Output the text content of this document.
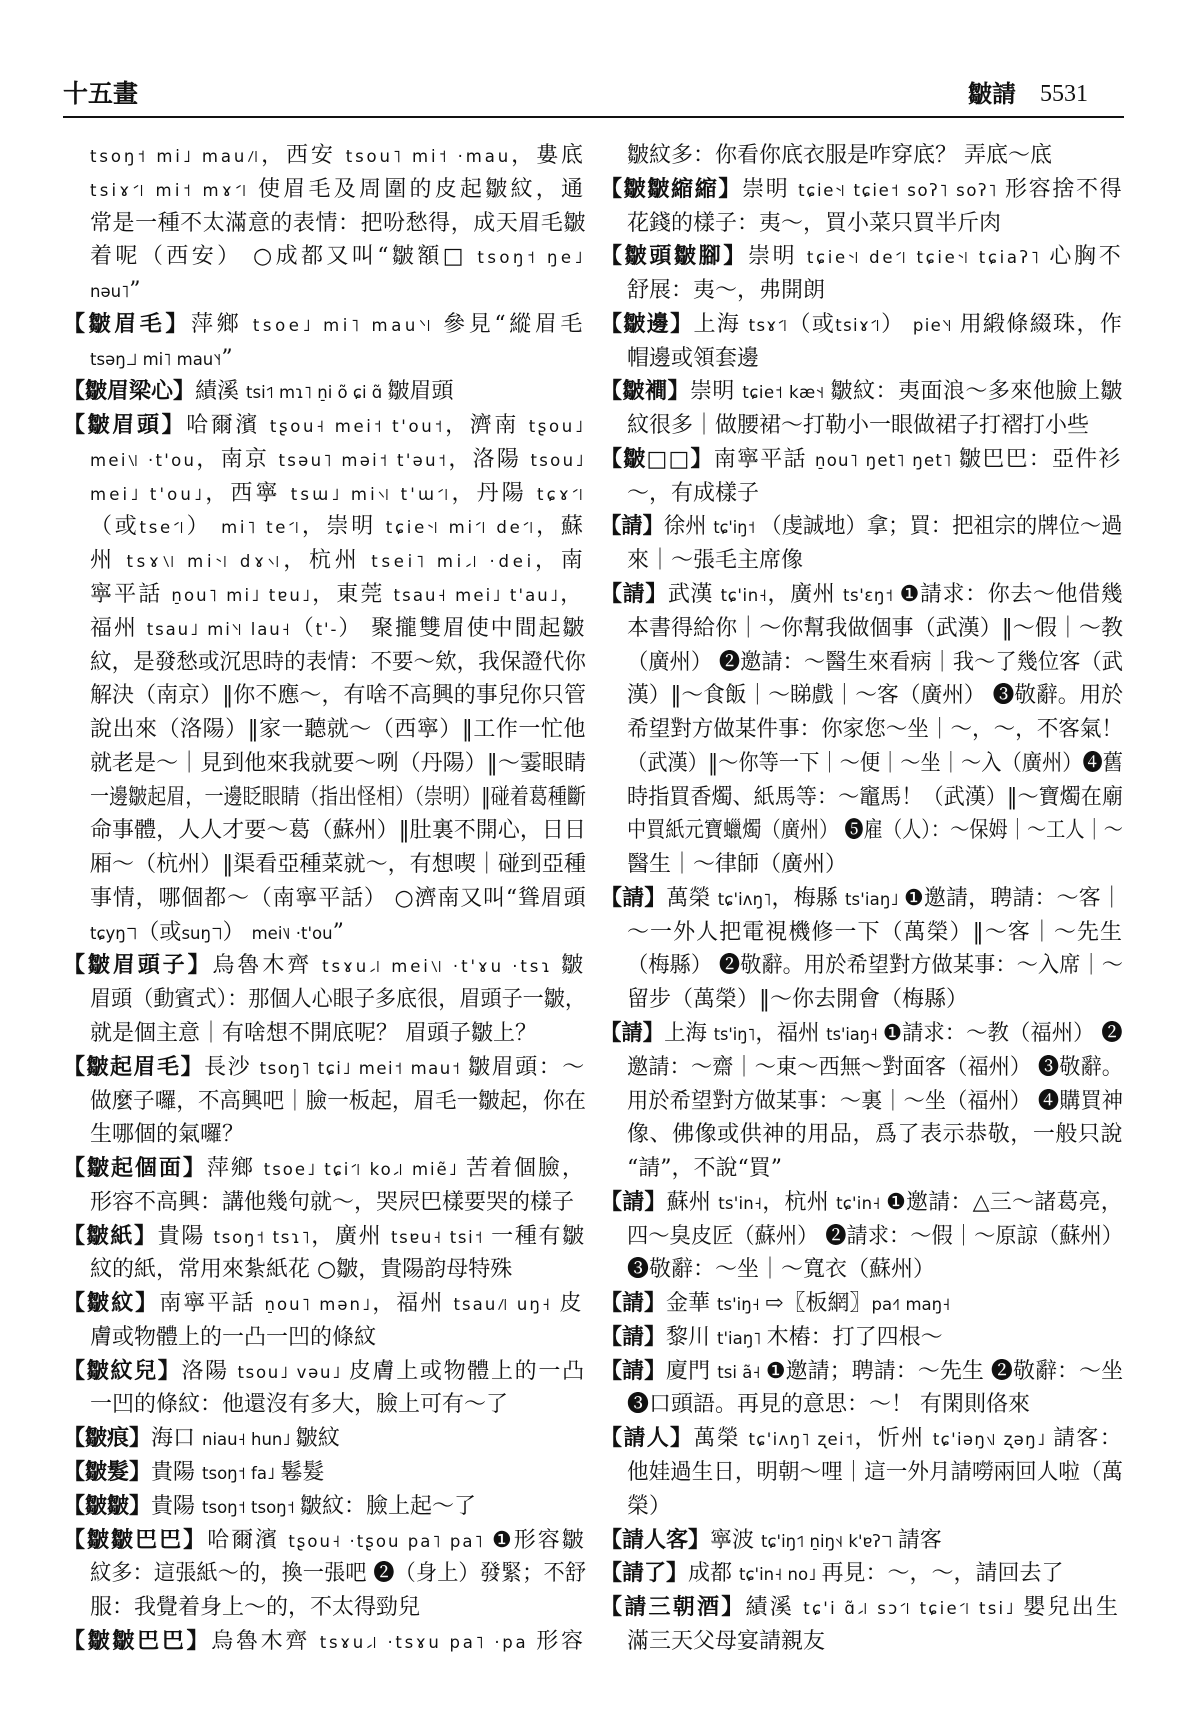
十五畫	皺請 5531
tsoŋ˦ mi˩ mau˩˥，西安 tsou˥ mi˦ ·mau，婁底
tsiɤ˦˥ mi˦ mɤ˦˥ 使眉毛及周圍的皮起皺紋，通
常是一種不太滿意的表情：把吩愁得，成天眉毛皺
着呢（西安） ○成都又叫“皺額□ tsoŋ˦ ŋe˩
nəu˥”
【皺眉毛】萍鄉 tsoe˩ mi˥ mau˥˧ 參見“縱眉毛
tsəŋ˩˩ mi˥ mau˥˧”
【皺眉梁心】績溪 tsi˦˥ mɿ˥ n̠i õ ɕi ɑ̃ 皺眉頭
【皺眉頭】哈爾濱 tʂou˧ mei˦ t'ou˦，濟南 tʂou˩
mei˥˩ ·t'ou，南京 tsəu˥ məi˦ t'əu˦，洛陽 tsou˩
mei˩ t'ou˩，西寧 tsɯ˩ mi˦˨ t'ɯ˦˥，丹陽 tɕɤ˦˥
（或tse˦˥） mi˥ te˦˥，崇明 tɕie˦˧ mi˦˥ de˦˥，蘇
州 tsɤ˥˩ mi˦˧ dɤ˦˨，杭州 tsei˥ mi˩˨ ·dei，南
寧平話 n̠ou˥ mi˩ tɐu˩，東莞 tsau˧ mei˩ t'au˩，
福州 tsau˩ mi˥˧ lau˧（t'-） 聚攏雙眉使中間起皺
紋，是發愁或沉思時的表情：不要～欸，我保證代你
解決（南京）‖你不應～，有啥不高興的事兒你只管
說出來（洛陽）‖家一聽就～（西寧）‖工作一忙他
就老是～｜見到他來我就要～咧（丹陽）‖～霎眼睛
一邊皺起眉，一邊眨眼睛（指出怪相）（崇明）‖碰着葛種斷
命事體，人人才要～葛（蘇州）‖肚裏不開心，日日
厢～（杭州）‖渠看亞種菜就～，有想喫｜碰到亞種
事情，哪個都～（南寧平話） ○濟南又叫“聳眉頭
tɕyŋ˥˥（或suŋ˥˥） mei˥˩ ·t'ou”
【皺眉頭子】烏魯木齊 tsɤu˩˨ mei˥˩ ·t'ɤu ·tsɿ 皺
眉頭（動賓式）：那個人心眼子多底很，眉頭子一皺，
就是個主意｜有啥想不開底呢？ 眉頭子皺上？
【皺起眉毛】長沙 tsoŋ˥ tɕi˩ mei˦ mau˦ 皺眉頭：～
做麼子囉，不高興吧｜臉一板起，眉毛一皺起，你在
生哪個的氣囉？
【皺起個面】萍鄉 tsoe˩ tɕi˦˥ ko˩˨ miẽ˩ 苦着個臉，
形容不高興：講他幾句就～，哭屄巴樣要哭的樣子
【皺紙】貴陽 tsoŋ˦ tsɿ˥，廣州 tsɐu˧ tsi˦ 一種有皺
紋的紙，常用來紮紙花 ○皺，貴陽韵母特殊
【皺紋】南寧平話 n̠ou˥ mən˩，福州 tsau˩˥ uŋ˧ 皮
膚或物體上的一凸一凹的條紋
【皺紋兒】洛陽 tsou˩ vəu˩ 皮膚上或物體上的一凸
一凹的條紋：他還沒有多大，臉上可有～了
【皺痕】海口 niau˧ hun˩ 皺紋
【皺髮】貴陽 tsoŋ˦ fa˩ 鬈髮
【皺皺】貴陽 tsoŋ˦ tsoŋ˦ 皺紋：臉上起～了
【皺皺巴巴】哈爾濱 tʂou˧ ·tʂou pa˥ pa˥ ❶形容皺
紋多：這張紙～的，換一張吧 ❷（身上）發緊；不舒
服：我覺着身上～的，不太得勁兒
【皺皺巴巴】烏魯木齊 tsɤu˩˨ ·tsɤu pa˥ ·pa 形容
皺紋多：你看你底衣服是咋穿底？ 弄底～底
【皺皺縮縮】崇明 tɕie˦˧ tɕie˦ soʔ˥ soʔ˥ 形容捨不得
花錢的樣子：夷～，買小菜只買半斤肉
【皺頭皺腳】崇明 tɕie˦˧ de˦˥ tɕie˦˧ tɕiaʔ˥ 心胸不
舒展：夷～，弗開朗
【皺邊】上海 tsɤ˦˥（或tsiɤ˦˥） pie˥˧ 用緞條綴珠，作
帽邊或領套邊
【皺襇】崇明 tɕie˦ kæ˦˧ 皺紋：夷面浪～多來他臉上皺
紋很多｜做腰裙～打勒小一眼做裙子打褶打小些
【皺□□】南寧平話 n̠ou˥ ŋet˥ ŋet˥ 皺巴巴：亞件衫
～，有成樣子
【請】徐州 tɕ'iŋ˦ （虔誠地）拿；買：把祖宗的牌位～過
來｜～張毛主席像
【請】武漢 tɕ'in˧，廣州 ts'ɛŋ˦ ❶請求：你去～他借幾
本書得給你｜～你幫我做個事（武漢）‖～假｜～教
（廣州） ❷邀請：～醫生來看病｜我～了幾位客（武
漢）‖～食飯｜～睇戲｜～客（廣州） ❸敬辭。用於
希望對方做某件事：你家您～坐｜～，～，不客氣！
（武漢）‖～你等一下｜～便｜～坐｜～入（廣州）❹舊
時指買香燭、紙馬等：～竈馬！（武漢）‖～寶燭在廟
中買紙元寶蠟燭（廣州） ❺雇（人）：～保姆｜～工人｜～
醫生｜～律師（廣州）
【請】萬榮 tɕ'iʌŋ˥，梅縣 ts'iaŋ˩ ❶邀請，聘請：～客｜
～一外人把電視機修一下（萬榮）‖～客｜～先生
（梅縣） ❷敬辭。用於希望對方做某事：～入席｜～
留步（萬榮）‖～你去開會（梅縣）
【請】上海 ts'iŋ˥，福州 ts'iaŋ˧ ❶請求：～教（福州） ❷
邀請：～齋｜～東～西無～對面客（福州） ❸敬辭。
用於希望對方做某事：～裏｜～坐（福州） ❹購買神
像、佛像或供神的用品，爲了表示恭敬，一般只說
“請”，不說“買”
【請】蘇州 ts'in˧，杭州 tɕ'in˧ ❶邀請：△三～諸葛亮，
四～臭皮匠（蘇州） ❷請求：～假｜～原諒（蘇州）
❸敬辭：～坐｜～寬衣（蘇州）
【請】金華 ts'iŋ˧ ⇨〖板網〗pa˧˥ maŋ˧
【請】黎川 t'iaŋ˥ 木樁：打了四根～
【請】廈門 tsi ã˧ ❶邀請；聘請：～先生 ❷敬辭：～坐
❸口頭語。再見的意思：～！ 有閑則佫來
【請人】萬榮 tɕ'iʌŋ˥ ʐei˦，忻州 tɕ'iəŋ˦˩ ʐəŋ˩ 請客：
他娃過生日，明朝～哩｜這一外月請嘮兩回人啦（萬
榮）
【請人客】寧波 tɕ'iŋ˦˥ n̠iŋ˦˨ k'ɐʔ˥˥ 請客
【請了】成都 tɕ'in˧ no˩ 再見：～，～，請回去了
【請三朝酒】績溪 tɕ'i ɑ̃˩˨ sɔ˦˥ tɕie˦˥ tsi˩ 嬰兒出生
滿三天父母宴請親友
